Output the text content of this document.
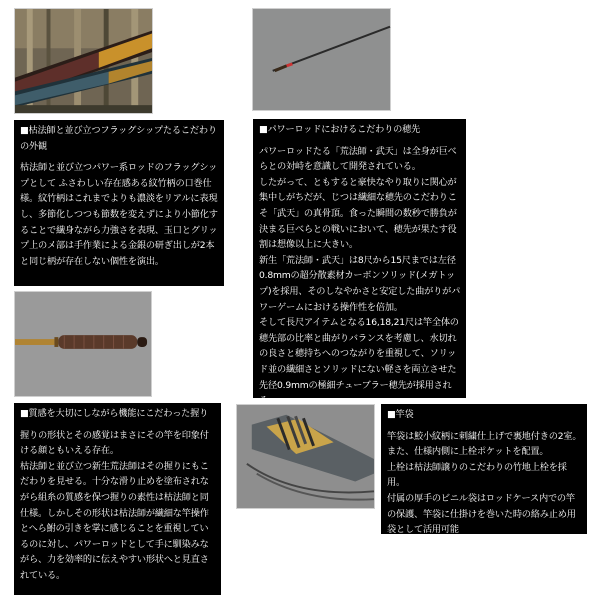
■枯法師と並び立つフラッグシップたるこだわりの外観
枯法師と並び立つパワー系ロッドのフラッグシップとして ふさわしい存在感ある紋竹柄の口巻仕様。紋竹柄はこれまでよりも濃淡をリアルに表現し、多節化しつつも節数を変えずにより小節化することで繊身ながら力強さを表現、玉口とグリップ上のメ部は手作業による金銀の研ぎ出しが2本と同じ柄が存在しない個性を演出。
■パワーロッドにおけるこだわりの穂先
パワーロッドたる「荒法師・武天」は全身が巨べらとの対峙を意識して開発されている。
したがって、ともすると豪快なやり取りに関心が集中しがちだが、じつは繊細な穂先のこだわりこそ「武天」の真骨頂。食った瞬間の数秒で勝負が決まる巨べらとの戦いにおいて、穂先が果たす役割は想像以上に大きい。
新生「荒法師・武天」は8尺から15尺までは左径0.8mmの超分散素材カーボンソリッド(メガトップ)を採用、そのしなやかさと安定した曲がりがパワーゲームにおける操作性を倍加。
そして長尺アイテムとなる16,18,21尺は竿全体の穂先部の比率と曲がりバランスを考慮し、水切れの良さと穂持ちへのつながりを重視して、ソリッド並の繊細さとソリッドにない軽さを両立させた先径0.9mmの極細チューブラー穂先が採用される。
■質感を大切にしながら機能にこだわった握り
握りの形状とその感覚はまさにその竿を印象付ける顔ともいえる存在。
枯法師と並び立つ新生荒法師はその握りにもこだわりを見せる。十分な滑り止めを塗布されながら組糸の質感を保つ握りの素性は枯法師と同仕様。しかしその形状は枯法師が繊細な竿操作とへら鮒の引きを掌に感じることを重視しているのに対し、パワーロッドとして手に馴染みながら、力を効率的に伝えやすい形状へと見直されている。
■竿袋
竿袋は鮫小紋柄に刺繍仕上げで裏地付きの2室。また、仕様内側に上栓ポケットを配置。
上栓は枯法師譲りのこだわりの竹地上栓を採用。
付属の厚手のビニル袋はロッドケース内での竿の保護、竿袋に仕掛けを巻いた時の絡み止め用袋として活用可能
